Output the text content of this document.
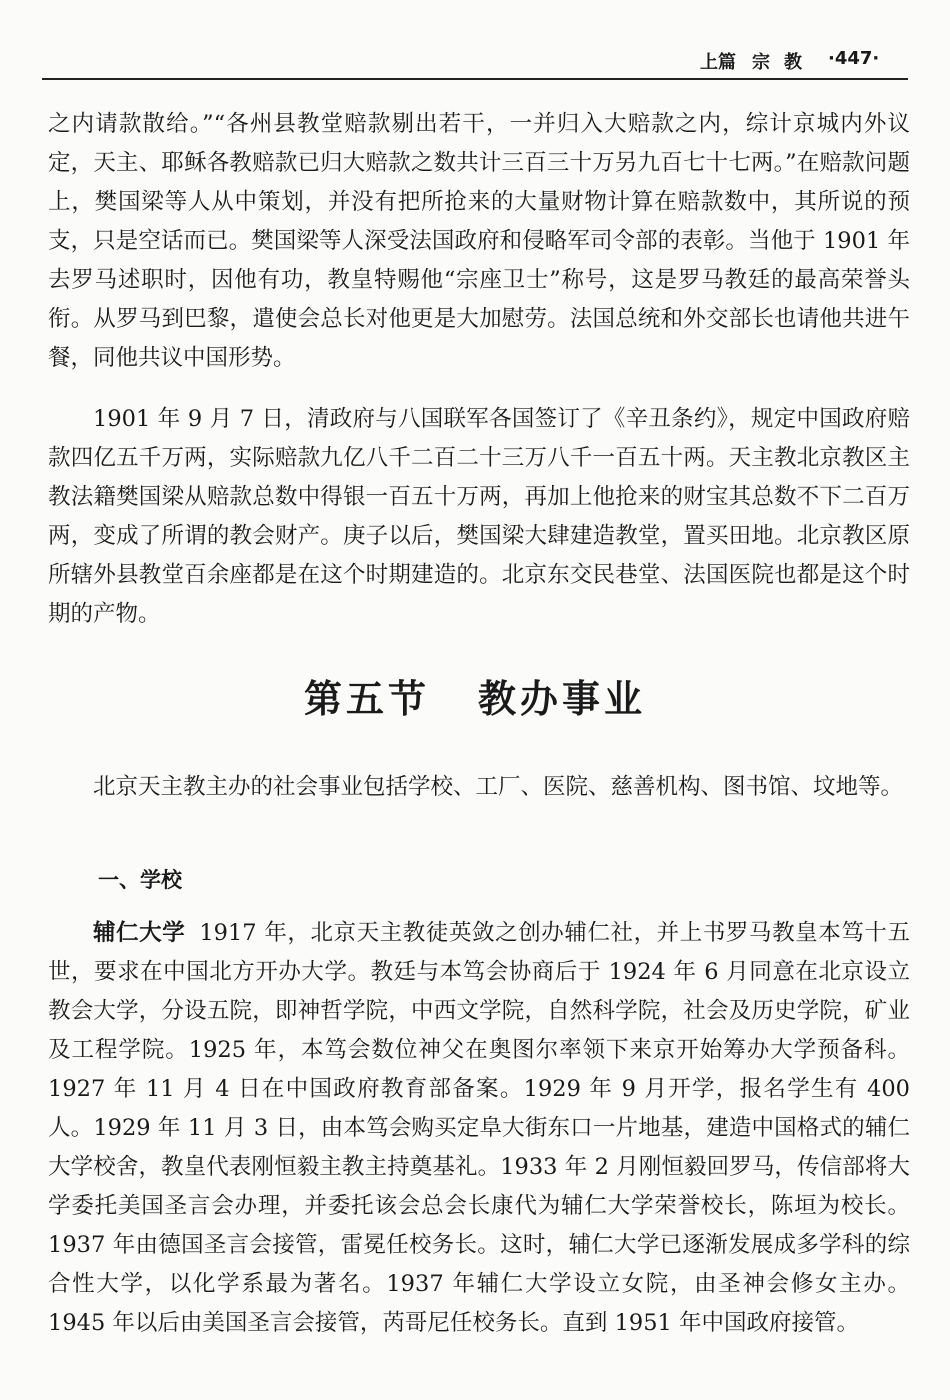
上篇 宗教 ·447·

之内请款散给。”“各州县教堂赔款剔出若干，一并归入大赔款之内，综计京城内外议定，天主、耶稣各教赔款已归大赔款之数共计三百三十万另九百七十七两。”在赔款问题上，樊国梁等人从中策划，并没有把所抢来的大量财物计算在赔款数中，其所说的预支，只是空话而已。樊国梁等人深受法国政府和侵略军司令部的表彰。当他于 1901 年去罗马述职时，因他有功，教皇特赐他“宗座卫士”称号，这是罗马教廷的最高荣誉头衔。从罗马到巴黎，遣使会总长对他更是大加慰劳。法国总统和外交部长也请他共进午餐，同他共议中国形势。

1901 年 9 月 7 日，清政府与八国联军各国签订了《辛丑条约》，规定中国政府赔款四亿五千万两，实际赔款九亿八千二百二十三万八千一百五十两。天主教北京教区主教法籍樊国梁从赔款总数中得银一百五十万两，再加上他抢来的财宝其总数不下二百万两，变成了所谓的教会财产。庚子以后，樊国梁大肆建造教堂，置买田地。北京教区原所辖外县教堂百余座都是在这个时期建造的。北京东交民巷堂、法国医院也都是这个时期的产物。

第五节 教办事业

北京天主教主办的社会事业包括学校、工厂、医院、慈善机构、图书馆、坟地等。

一、学校

辅仁大学 1917 年，北京天主教徒英敛之创办辅仁社，并上书罗马教皇本笃十五世，要求在中国北方开办大学。教廷与本笃会协商后于 1924 年 6 月同意在北京设立教会大学，分设五院，即神哲学院，中西文学院，自然科学院，社会及历史学院，矿业及工程学院。1925 年，本笃会数位神父在奥图尔率领下来京开始筹办大学预备科。1927 年 11 月 4 日在中国政府教育部备案。1929 年 9 月开学，报名学生有 400 人。1929 年 11 月 3 日，由本笃会购买定阜大街东口一片地基，建造中国格式的辅仁大学校舍，教皇代表刚恒毅主教主持奠基礼。1933 年 2 月刚恒毅回罗马，传信部将大学委托美国圣言会办理，并委托该会总会长康代为辅仁大学荣誉校长，陈垣为校长。1937 年由德国圣言会接管，雷冕任校务长。这时，辅仁大学已逐渐发展成多学科的综合性大学，以化学系最为著名。1937 年辅仁大学设立女院，由圣神会修女主办。1945 年以后由美国圣言会接管，芮哥尼任校务长。直到 1951 年中国政府接管。
